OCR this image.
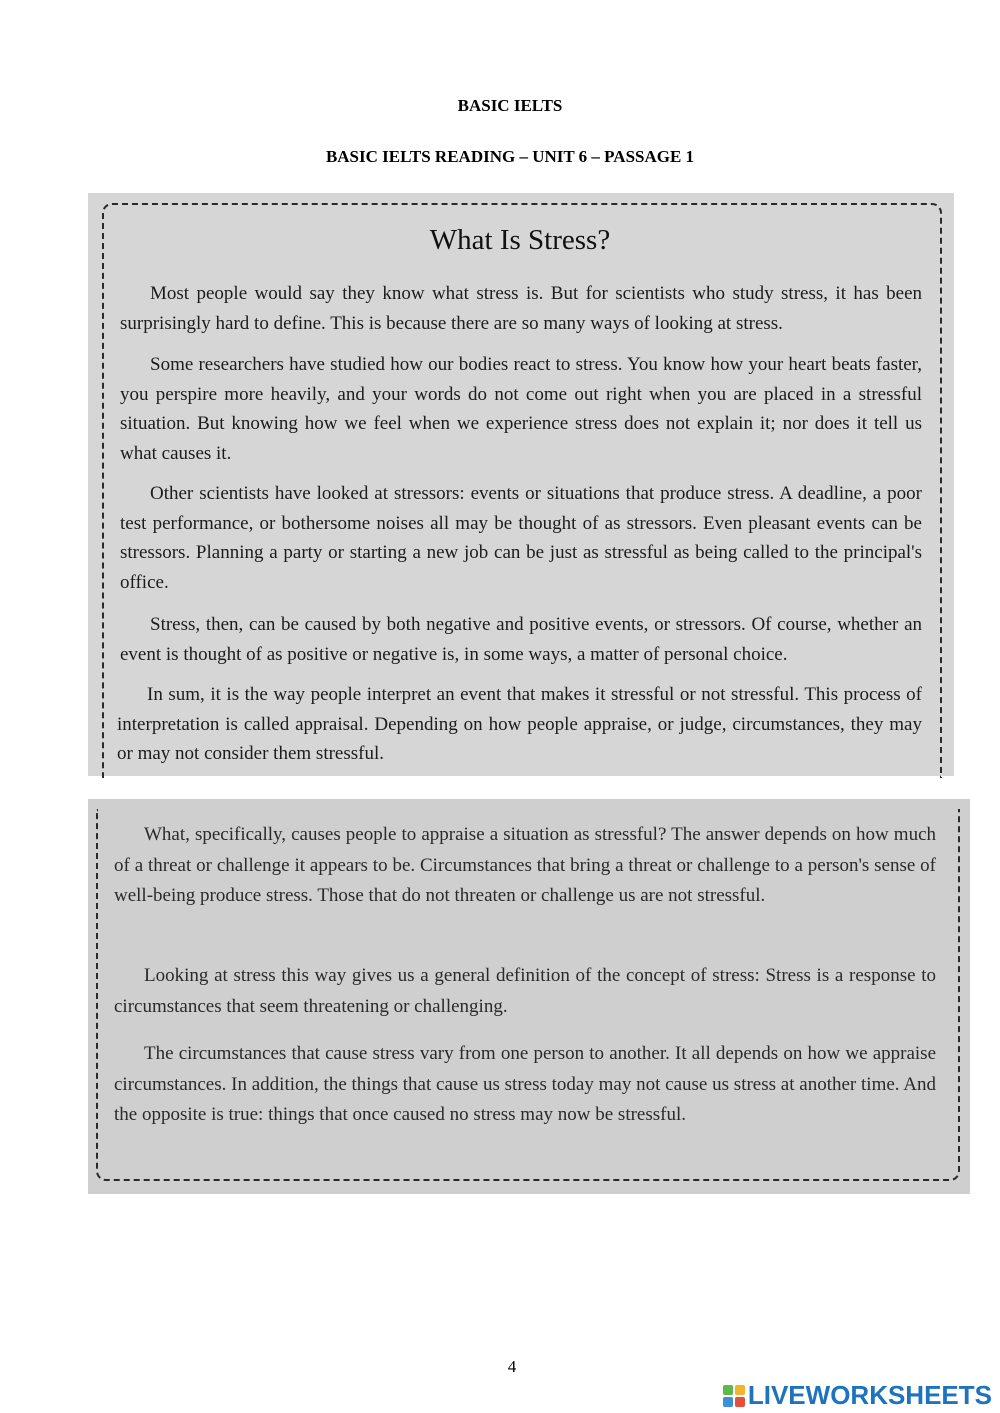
BASIC IELTS
BASIC IELTS READING – UNIT 6 – PASSAGE 1
What Is Stress?
Most people would say they know what stress is. But for scientists who study stress, it has been surprisingly hard to define. This is because there are so many ways of looking at stress.
Some researchers have studied how our bodies react to stress. You know how your heart beats faster, you perspire more heavily, and your words do not come out right when you are placed in a stressful situation. But knowing how we feel when we experience stress does not explain it; nor does it tell us what causes it.
Other scientists have looked at stressors: events or situations that produce stress. A deadline, a poor test performance, or bothersome noises all may be thought of as stressors. Even pleasant events can be stressors. Planning a party or starting a new job can be just as stressful as being called to the principal's office.
Stress, then, can be caused by both negative and positive events, or stressors. Of course, whether an event is thought of as positive or negative is, in some ways, a matter of personal choice.
In sum, it is the way people interpret an event that makes it stressful or not stressful. This process of interpretation is called appraisal. Depending on how people appraise, or judge, circumstances, they may or may not consider them stressful.
What, specifically, causes people to appraise a situation as stressful? The answer depends on how much of a threat or challenge it appears to be. Circumstances that bring a threat or challenge to a person's sense of well-being produce stress. Those that do not threaten or challenge us are not stressful.
Looking at stress this way gives us a general definition of the concept of stress: Stress is a response to circumstances that seem threatening or challenging.
The circumstances that cause stress vary from one person to another. It all depends on how we appraise circumstances. In addition, the things that cause us stress today may not cause us stress at another time. And the opposite is true: things that once caused no stress may now be stressful.
4
LIVEWORKSHEETS
